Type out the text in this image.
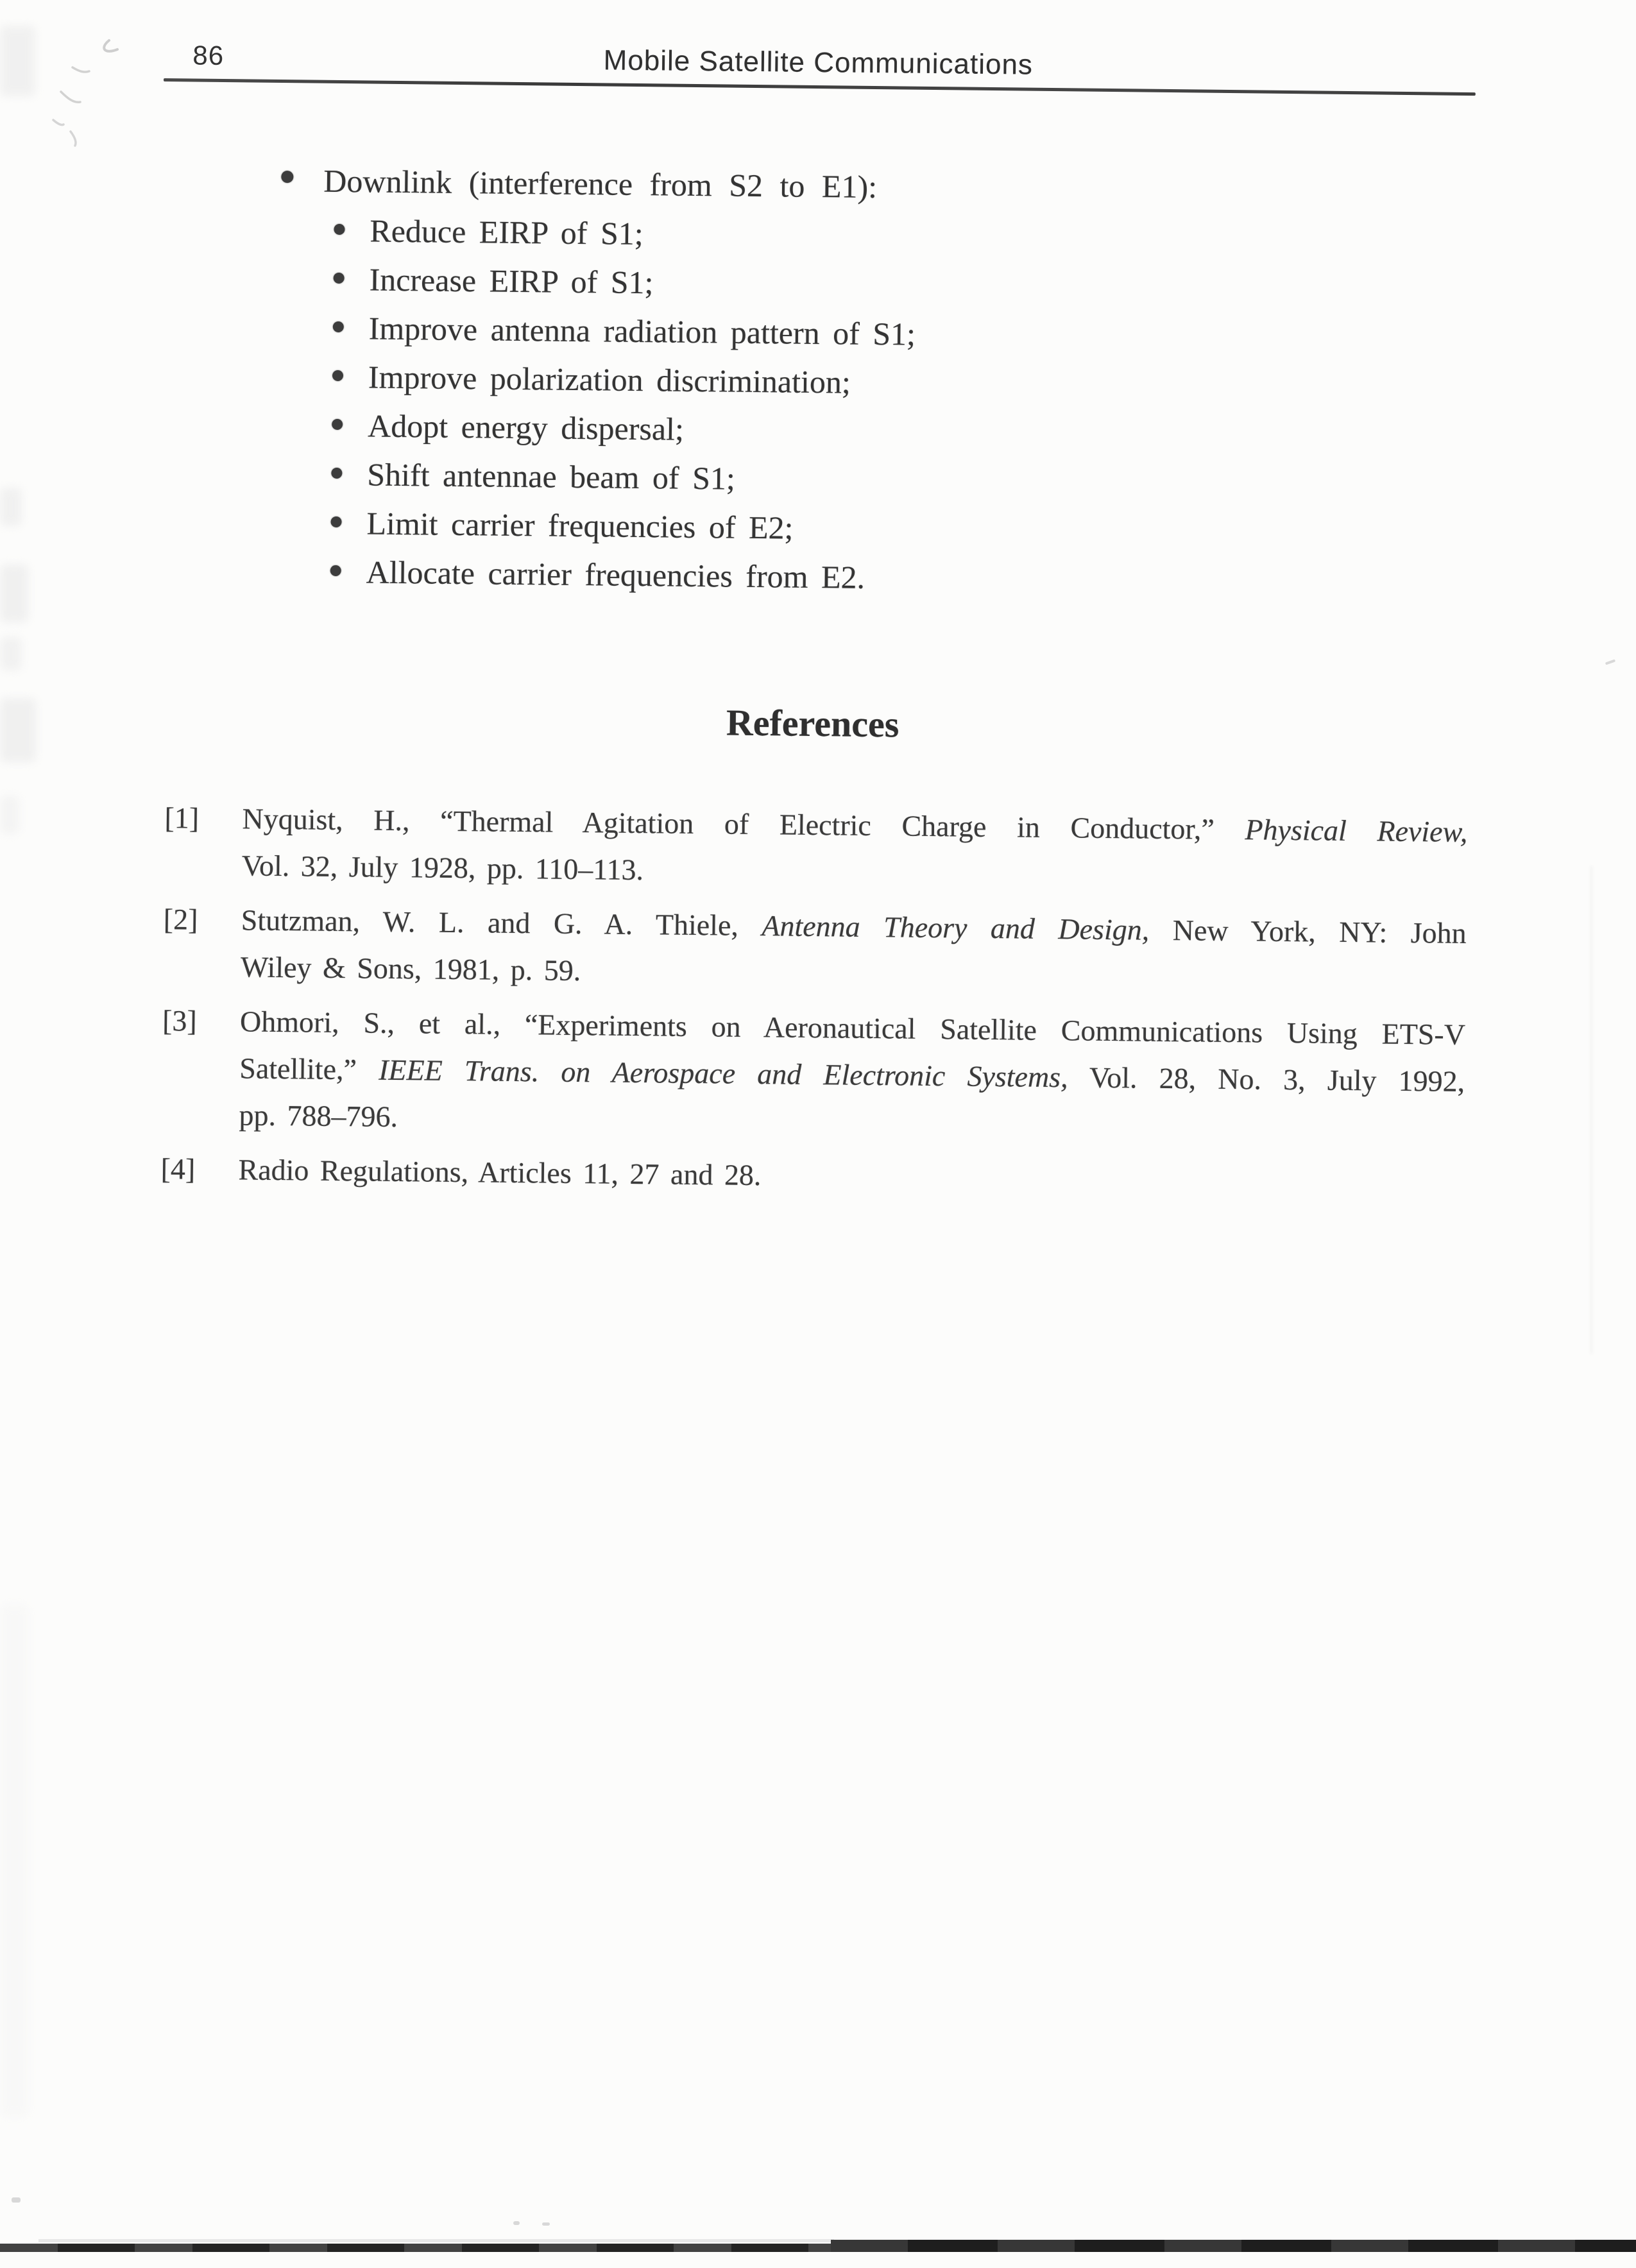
86	Mobile Satellite Communications
Downlink (interference from S2 to E1):
Reduce EIRP of S1;
Increase EIRP of S1;
Improve antenna radiation pattern of S1;
Improve polarization discrimination;
Adopt energy dispersal;
Shift antennae beam of S1;
Limit carrier frequencies of E2;
Allocate carrier frequencies from E2.
References
[1] Nyquist, H., “Thermal Agitation of Electric Charge in Conductor,” Physical Review,
Vol. 32, July 1928, pp. 110–113.
[2] Stutzman, W. L. and G. A. Thiele, Antenna Theory and Design, New York, NY: John
Wiley & Sons, 1981, p. 59.
[3] Ohmori, S., et al., “Experiments on Aeronautical Satellite Communications Using ETS-V
Satellite,” IEEE Trans. on Aerospace and Electronic Systems, Vol. 28, No. 3, July 1992,
pp. 788–796.
[4] Radio Regulations, Articles 11, 27 and 28.
